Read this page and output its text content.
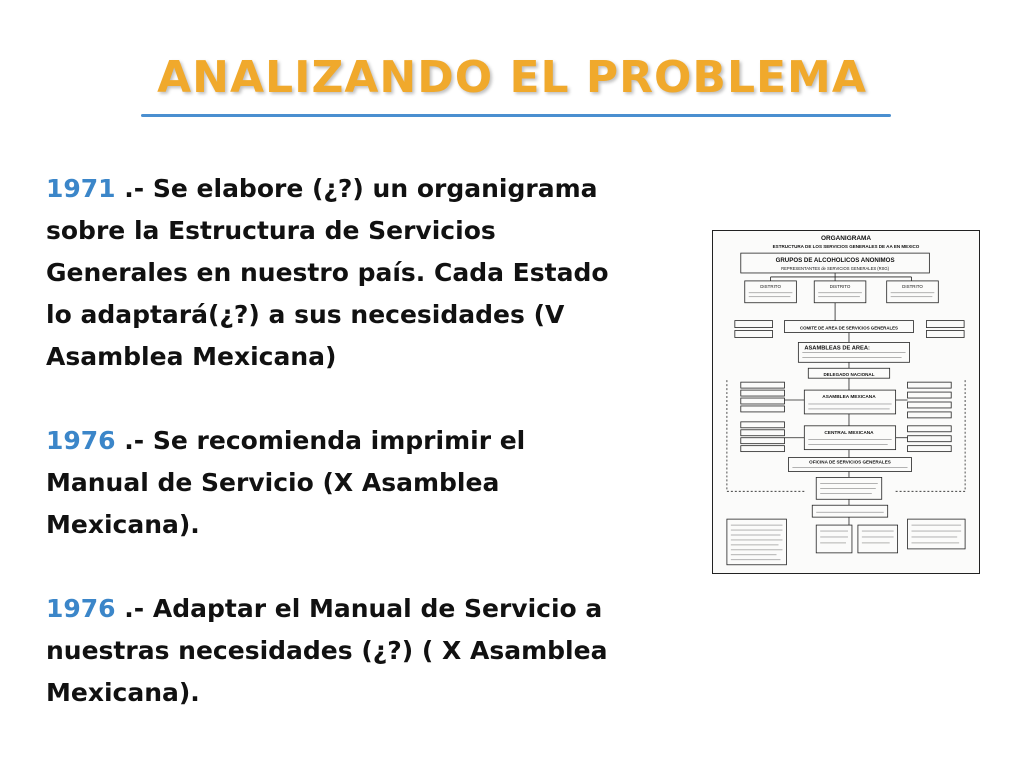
ANALIZANDO EL PROBLEMA

1971 .- Se elabore (¿?) un organigrama sobre la Estructura de Servicios Generales en nuestro país. Cada Estado lo adaptará(¿?) a sus necesidades (V Asamblea Mexicana)

1976 .- Se recomienda imprimir el Manual de Servicio (X Asamblea Mexicana).

1976 .- Adaptar el Manual de Servicio a nuestras necesidades (¿?) ( X Asamblea Mexicana).

ORGANIGRAMA
ESTRUCTURA DE LOS SERVICIOS GENERALES DE AA EN MEXICO
GRUPOS DE ALCOHOLICOS ANONIMOS
REPRESENTANTES de SERVICIOS GENERALES (RSG)
DISTRITO	DISTRITO	DISTRITO
COMITE DE AREA DE SERVICIOS GENERALES
ASAMBLEAS DE AREA:
DELEGADO NACIONAL
ASAMBLEA MEXICANA
CENTRAL MEXICANA
OFICINA DE SERVICIOS GENERALES
